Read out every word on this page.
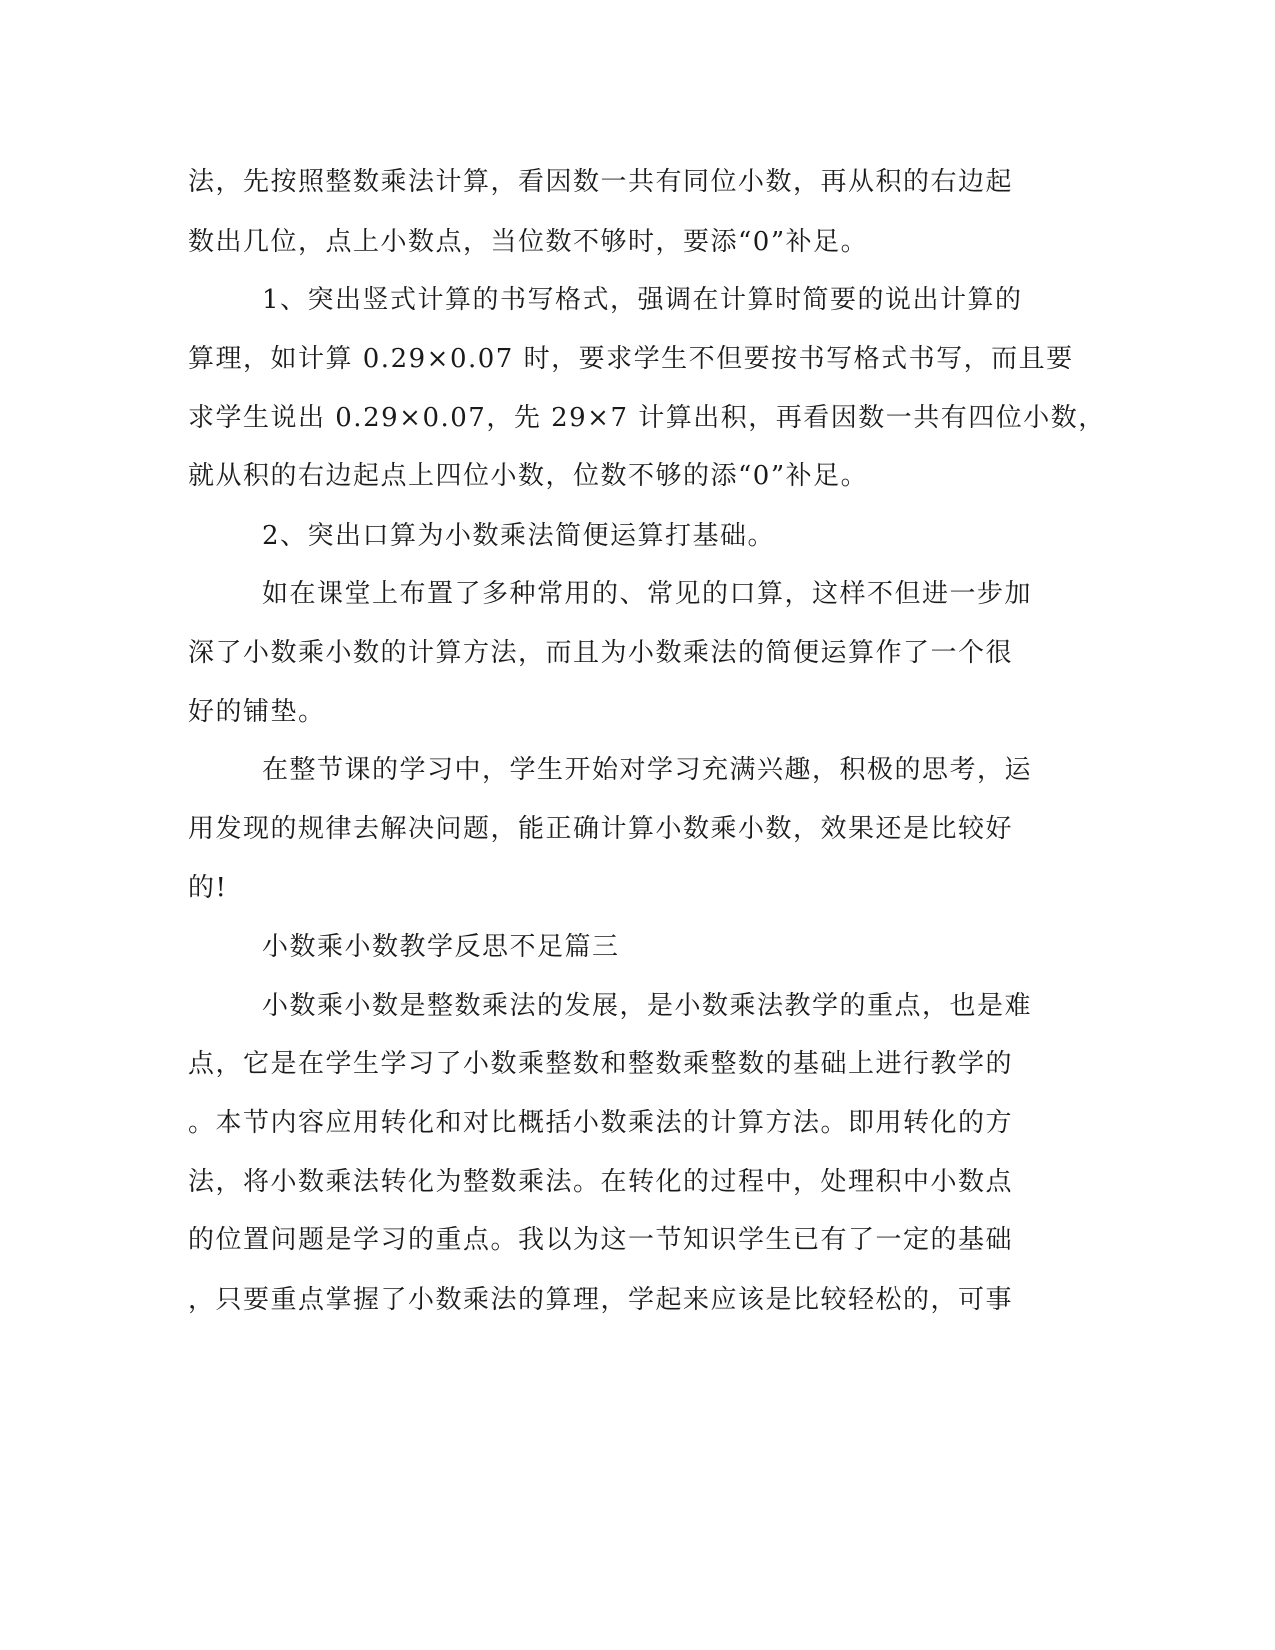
法，先按照整数乘法计算，看因数一共有同位小数，再从积的右边起
数出几位，点上小数点，当位数不够时，要添“0”补足。
1、突出竖式计算的书写格式，强调在计算时简要的说出计算的
算理，如计算 0.29×0.07 时，要求学生不但要按书写格式书写，而且要
求学生说出 0.29×0.07，先 29×7 计算出积，再看因数一共有四位小数，
就从积的右边起点上四位小数，位数不够的添“0”补足。
2、突出口算为小数乘法简便运算打基础。
如在课堂上布置了多种常用的、常见的口算，这样不但进一步加
深了小数乘小数的计算方法，而且为小数乘法的简便运算作了一个很
好的铺垫。
在整节课的学习中，学生开始对学习充满兴趣，积极的思考，运
用发现的规律去解决问题，能正确计算小数乘小数，效果还是比较好
的!
小数乘小数教学反思不足篇三
小数乘小数是整数乘法的发展，是小数乘法教学的重点，也是难
点，它是在学生学习了小数乘整数和整数乘整数的基础上进行教学的
。本节内容应用转化和对比概括小数乘法的计算方法。即用转化的方
法，将小数乘法转化为整数乘法。在转化的过程中，处理积中小数点
的位置问题是学习的重点。我以为这一节知识学生已有了一定的基础
，只要重点掌握了小数乘法的算理，学起来应该是比较轻松的，可事
